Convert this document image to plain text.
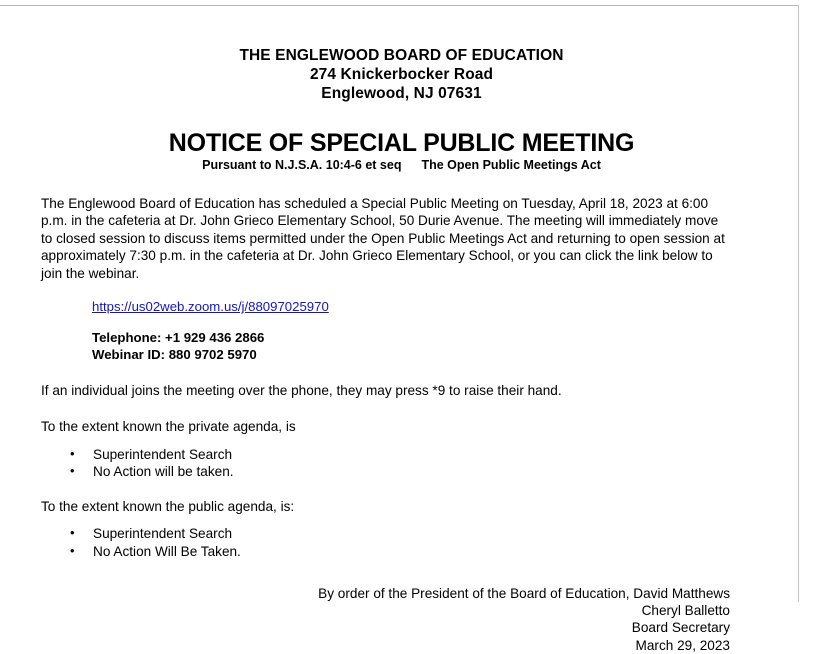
THE ENGLEWOOD BOARD OF EDUCATION
274 Knickerbocker Road
Englewood, NJ 07631
NOTICE OF SPECIAL PUBLIC MEETING
Pursuant to N.J.S.A. 10:4-6 et seq The Open Public Meetings Act
The Englewood Board of Education has scheduled a Special Public Meeting on Tuesday, April 18, 2023 at 6:00 p.m. in the cafeteria at Dr. John Grieco Elementary School, 50 Durie Avenue. The meeting will immediately move to closed session to discuss items permitted under the Open Public Meetings Act and returning to open session at approximately 7:30 p.m. in the cafeteria at Dr. John Grieco Elementary School, or you can click the link below to join the webinar.
https://us02web.zoom.us/j/88097025970
Telephone: +1 929 436 2866
Webinar ID: 880 9702 5970
If an individual joins the meeting over the phone, they may press *9 to raise their hand.
To the extent known the private agenda, is
• Superintendent Search
• No Action will be taken.
To the extent known the public agenda, is:
• Superintendent Search
• No Action Will Be Taken.
By order of the President of the Board of Education, David Matthews
Cheryl Balletto
Board Secretary
March 29, 2023
